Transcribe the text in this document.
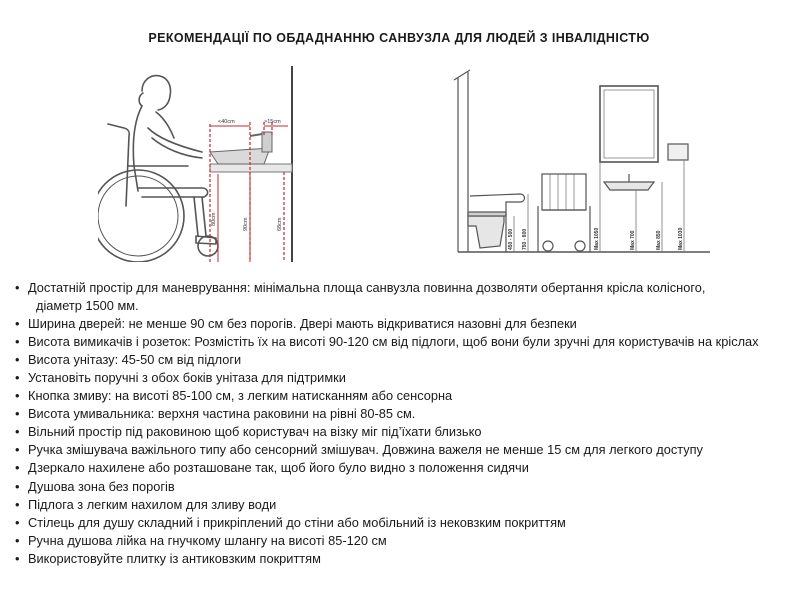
РЕКОМЕНДАЦІЇ ПО ОБДАДНАННЮ САНВУЗЛА ДЛЯ ЛЮДЕЙ З ІНВАЛІДНІСТЮ
<40cm	>15cm
80cm	90cm	68cm
450 - 500 750 - 800	Max 1050	Max 700	Max 850	Max 1030
• Достатній простір для маневрування: мінімальна площа санвузла повинна дозволяти обертання крісла колісного,
діаметр 1500 мм.
• Ширина дверей: не менше 90 см без порогів. Двері мають відкриватися назовні для безпеки
• Висота вимикачів і розеток: Розмістіть їх на висоті 90-120 см від підлоги, щоб вони були зручні для користувачів на кріслах
• Висота унітазу: 45-50 см від підлоги
• Установіть поручні з обох боків унітаза для підтримки
• Кнопка змиву: на висоті 85-100 см, з легким натисканням або сенсорна
• Висота умивальника: верхня частина раковини на рівні 80-85 см.
• Вільний простір під раковиною щоб користувач на візку міг під’їхати близько
• Ручка змішувача важільного типу або сенсорний змішувач. Довжина важеля не менше 15 см для легкого доступу
• Дзеркало нахилене або розташоване так, щоб його було видно з положення сидячи
• Душова зона без порогів
• Підлога з легким нахилом для зливу води
• Стілець для душу складний і прикріплений до стіни або мобільний із нековзким покриттям
• Ручна душова лійка на гнучкому шлангу на висоті 85-120 см
• Використовуйте плитку із антиковзким покриттям
